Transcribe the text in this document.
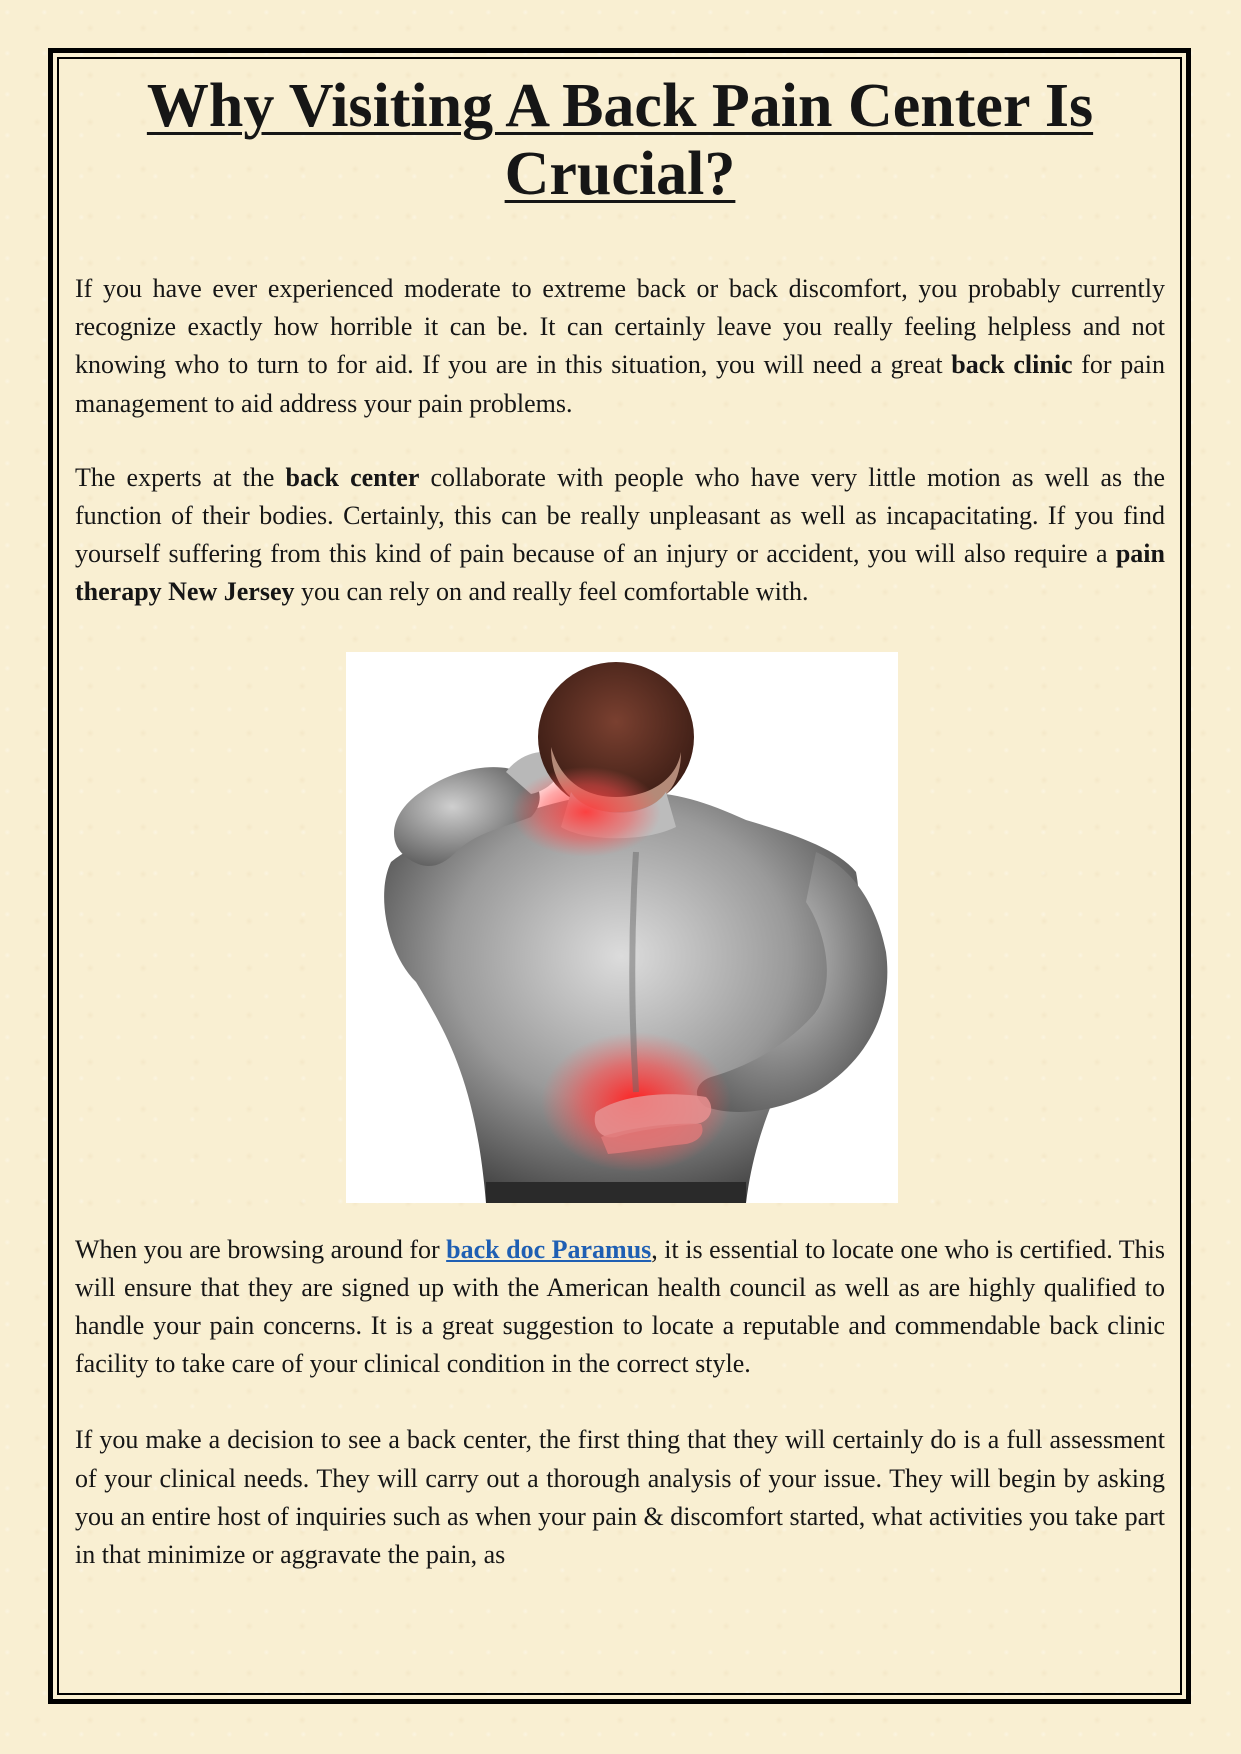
Why Visiting A Back Pain Center Is
Crucial?

If you have ever experienced moderate to extreme back or back discomfort, you probably currently recognize exactly how horrible it can be. It can certainly leave you really feeling helpless and not knowing who to turn to for aid. If you are in this situation, you will need a great back clinic for pain management to aid address your pain problems.

The experts at the back center collaborate with people who have very little motion as well as the function of their bodies. Certainly, this can be really unpleasant as well as incapacitating. If you find yourself suffering from this kind of pain because of an injury or accident, you will also require a pain therapy New Jersey you can rely on and really feel comfortable with.

When you are browsing around for back doc Paramus, it is essential to locate one who is certified. This will ensure that they are signed up with the American health council as well as are highly qualified to handle your pain concerns. It is a great suggestion to locate a reputable and commendable back clinic facility to take care of your clinical condition in the correct style.

If you make a decision to see a back center, the first thing that they will certainly do is a full assessment of your clinical needs. They will carry out a thorough analysis of your issue. They will begin by asking you an entire host of inquiries such as when your pain & discomfort started, what activities you take part in that minimize or aggravate the pain, as
